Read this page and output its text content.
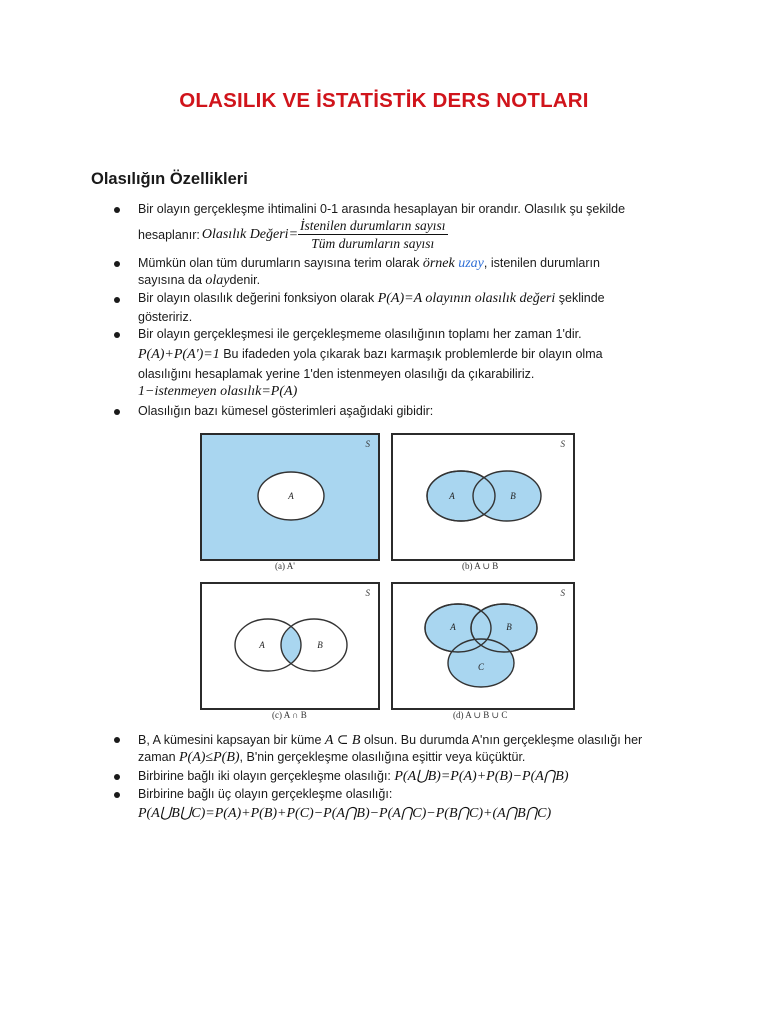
OLASILIK VE İSTATİSTİK DERS NOTLARI
Olasılığın Özellikleri
Bir olayın gerçekleşme ihtimalini 0-1 arasında hesaplayan bir orandır. Olasılık şu şekilde
hesaplanır: Olasılık Değeri= $\frac{\text{İstenilen durumların sayısı}}{\text{Tüm durumların sayısı}}$
Mümkün olan tüm durumların sayısına terim olarak örnek uzay, istenilen durumların
sayısına da olaydenir.
Bir olayın olasılık değerini fonksiyon olarak P(A)=A olayının olasılık değeri şeklinde
gösteririz.
Bir olayın gerçekleşmesi ile gerçekleşmeme olasılığının toplamı her zaman 1'dir.
P(A)+P(A')=1 Bu ifadeden yola çıkarak bazı karmaşık problemlerde bir olayın olma
olasılığını hesaplamak yerine 1'den istenmeyen olasılığı da çıkarabiliriz.
1−istenmeyen olasılık=P(A)
Olasılığın bazı kümesel gösterimleri aşağıdaki gibidir:
A
S
A	B
S
A	B
S
A	B
C
S
(a) A'	(b) A ∪ B
(c) A ∩ B	(d) A ∪ B ∪ C
B, A kümesini kapsayan bir küme A ⊂ B olsun. Bu durumda A'nın gerçekleşme olasılığı her
zaman P(A)≤P(B), B'nin gerçekleşme olasılığına eşittir veya küçüktür.
Birbirine bağlı iki olayın gerçekleşme olasılığı: P(A⋃B)=P(A)+P(B)−P(A⋂B)
Birbirine bağlı üç olayın gerçekleşme olasılığı:
P(A⋃B⋃C)=P(A)+P(B)+P(C)−P(A⋂B)−P(A⋂C)−P(B⋂C)+(A⋂B⋂C)
